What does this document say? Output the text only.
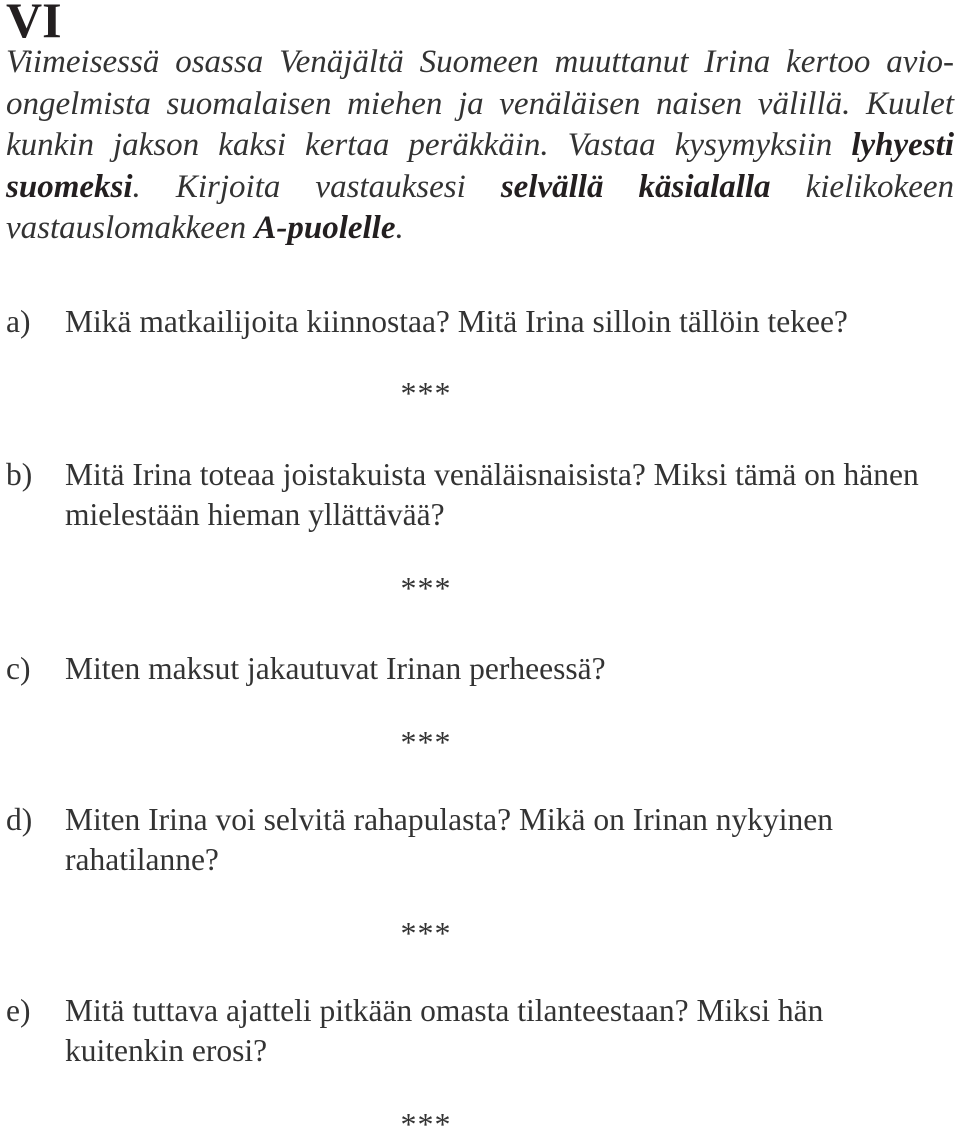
VI

Viimeisessä osassa Venäjältä Suomeen muuttanut Irina kertoo avio-ongelmista suomalaisen miehen ja venäläisen naisen välillä. Kuulet kunkin jakson kaksi kertaa peräkkäin. Vastaa kysymyksiin lyhyesti suomeksi. Kirjoita vastauksesi selvällä käsialalla kielikokeen vastauslomakkeen A-puolelle.

a) Mikä matkailijoita kiinnostaa? Mitä Irina silloin tällöin tekee?
***
b) Mitä Irina toteaa joistakuista venäläisnaisista? Miksi tämä on hänen mielestään hieman yllättävää?
***
c) Miten maksut jakautuvat Irinan perheessä?
***
d) Miten Irina voi selvitä rahapulasta? Mikä on Irinan nykyinen rahatilanne?
***
e) Mitä tuttava ajatteli pitkään omasta tilanteestaan? Miksi hän kuitenkin erosi?
***
